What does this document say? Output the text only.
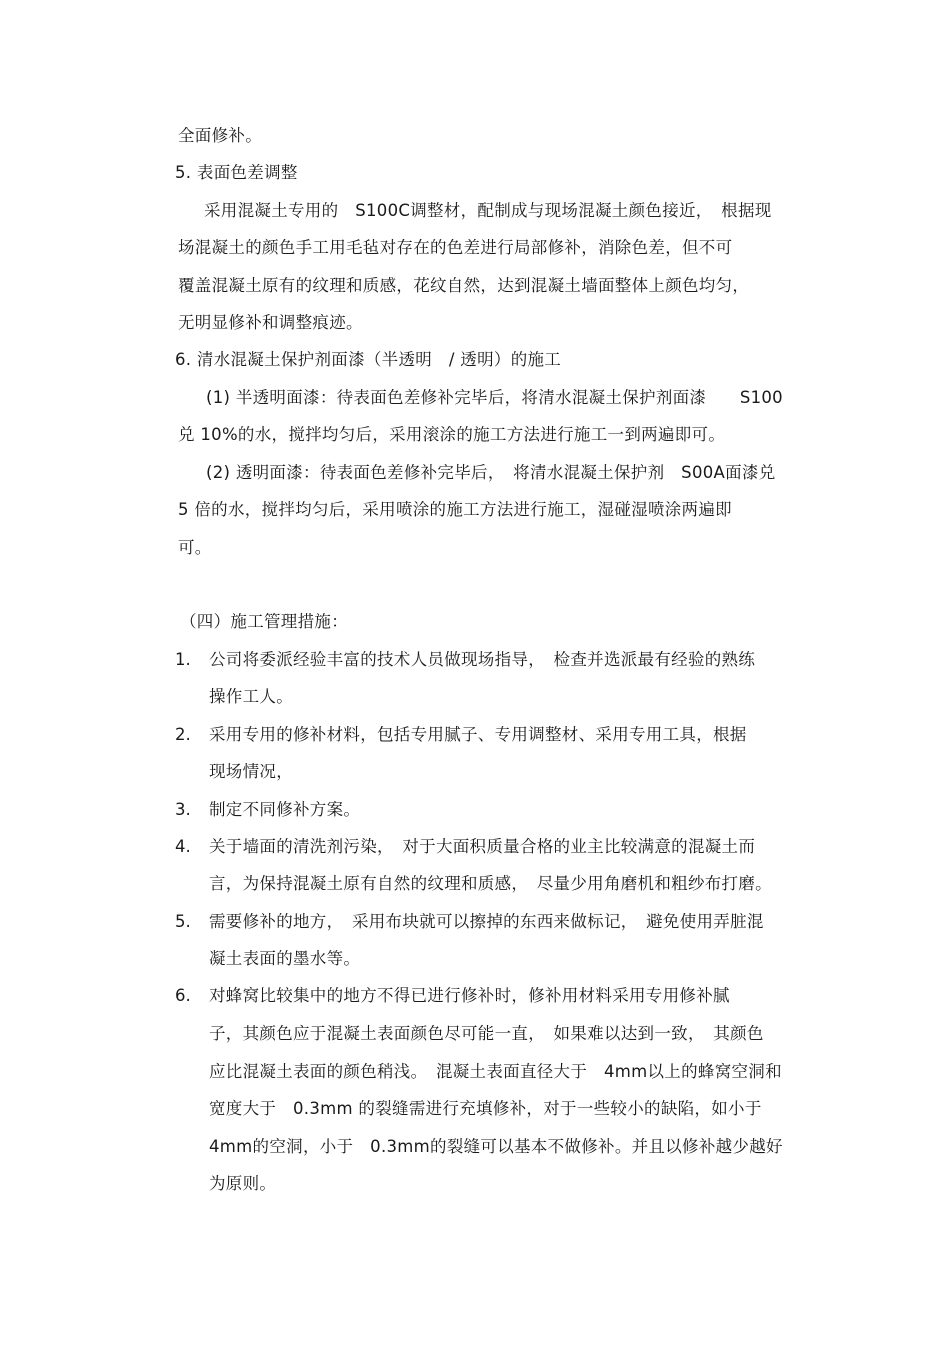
全面修补。
5. 表面色差调整
采用混凝土专用的　S100C调整材，配制成与现场混凝土颜色接近，　根据现
场混凝土的颜色手工用毛毡对存在的色差进行局部修补，消除色差，但不可
覆盖混凝土原有的纹理和质感，花纹自然，达到混凝土墙面整体上颜色均匀，
无明显修补和调整痕迹。
6. 清水混凝土保护剂面漆（半透明　/ 透明）的施工
(1) 半透明面漆：待表面色差修补完毕后，将清水混凝土保护剂面漆　　S100
兑 10%的水，搅拌均匀后，采用滚涂的施工方法进行施工一到两遍即可。
(2) 透明面漆：待表面色差修补完毕后，　将清水混凝土保护剂　S00A面漆兑
5 倍的水，搅拌均匀后，采用喷涂的施工方法进行施工，湿碰湿喷涂两遍即
可。
（四）施工管理措施：
1. 公司将委派经验丰富的技术人员做现场指导，　检查并选派最有经验的熟练
操作工人。
2. 采用专用的修补材料，包括专用腻子、专用调整材、采用专用工具，根据
现场情况，
3. 制定不同修补方案。
4. 关于墙面的清洗剂污染，　对于大面积质量合格的业主比较满意的混凝土而
言，为保持混凝土原有自然的纹理和质感，　尽量少用角磨机和粗纱布打磨。
5. 需要修补的地方，　采用布块就可以擦掉的东西来做标记，　避免使用弄脏混
凝土表面的墨水等。
6. 对蜂窝比较集中的地方不得已进行修补时，修补用材料采用专用修补腻
子，其颜色应于混凝土表面颜色尽可能一直，　如果难以达到一致，　其颜色
应比混凝土表面的颜色稍浅。　混凝土表面直径大于　4mm以上的蜂窝空洞和
宽度大于　0.3mm 的裂缝需进行充填修补，对于一些较小的缺陷，如小于
4mm的空洞，小于　0.3mm的裂缝可以基本不做修补。并且以修补越少越好
为原则。
